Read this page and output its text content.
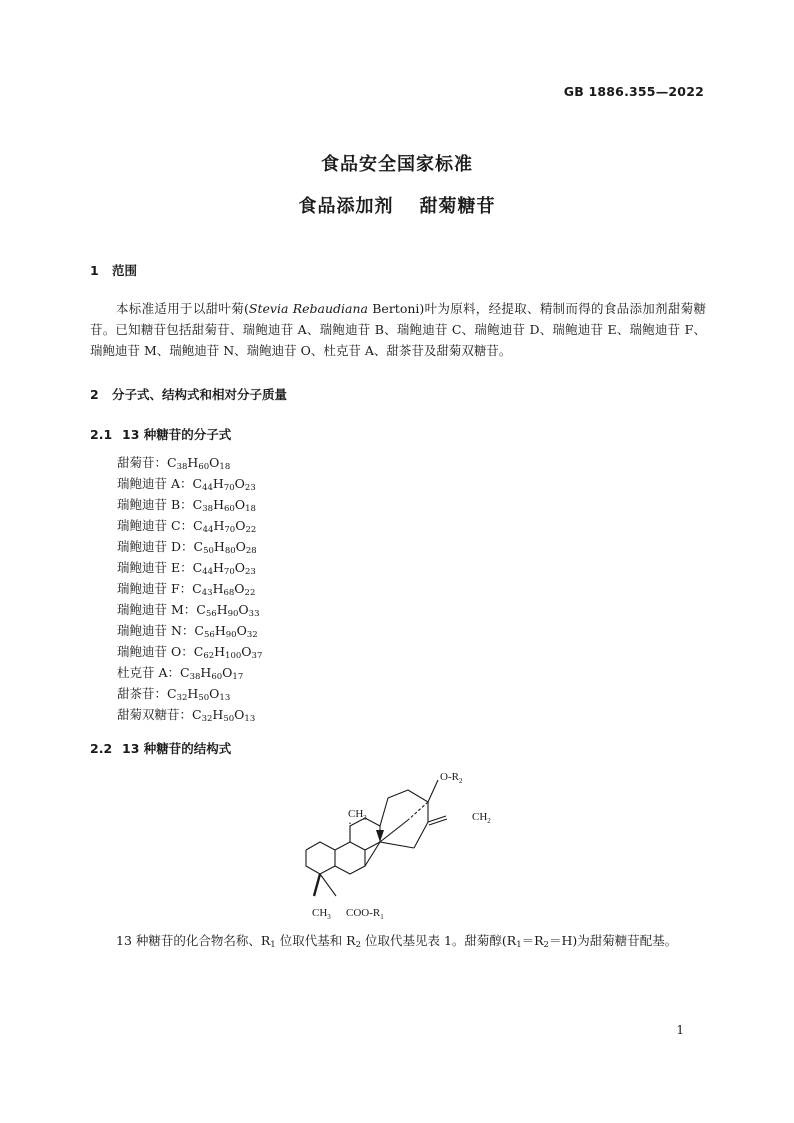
GB 1886.355—2022
食品安全国家标准
食品添加剂 甜菊糖苷
1 范围
本标准适用于以甜叶菊(Stevia Rebaudiana Bertoni)叶为原料，经提取、精制而得的食品添加剂甜菊糖苷。已知糖苷包括甜菊苷、瑞鲍迪苷 A、瑞鲍迪苷 B、瑞鲍迪苷 C、瑞鲍迪苷 D、瑞鲍迪苷 E、瑞鲍迪苷 F、瑞鲍迪苷 M、瑞鲍迪苷 N、瑞鲍迪苷 O、杜克苷 A、甜茶苷及甜菊双糖苷。
2 分子式、结构式和相对分子质量
2.1 13 种糖苷的分子式
甜菊苷：$C_{38}H_{60}O_{18}$
瑞鲍迪苷 A：$C_{44}H_{70}O_{23}$
瑞鲍迪苷 B：$C_{38}H_{60}O_{18}$
瑞鲍迪苷 C：$C_{44}H_{70}O_{22}$
瑞鲍迪苷 D：$C_{50}H_{80}O_{28}$
瑞鲍迪苷 E：$C_{44}H_{70}O_{23}$
瑞鲍迪苷 F：$C_{43}H_{68}O_{22}$
瑞鲍迪苷 M：$C_{56}H_{90}O_{33}$
瑞鲍迪苷 N：$C_{56}H_{90}O_{32}$
瑞鲍迪苷 O：$C_{62}H_{100}O_{37}$
杜克苷 A：$C_{38}H_{60}O_{17}$
甜茶苷：$C_{32}H_{50}O_{13}$
甜菊双糖苷：$C_{32}H_{50}O_{13}$
2.2 13 种糖苷的结构式
$O-R_2$
$CH_2$
$CH_3$
$CH_3$ COO-$R_1$
13 种糖苷的化合物名称、$R_1$ 位取代基和 $R_2$ 位取代基见表 1。甜菊醇$(R_1=R_2=H)$为甜菊糖苷配基。
1
